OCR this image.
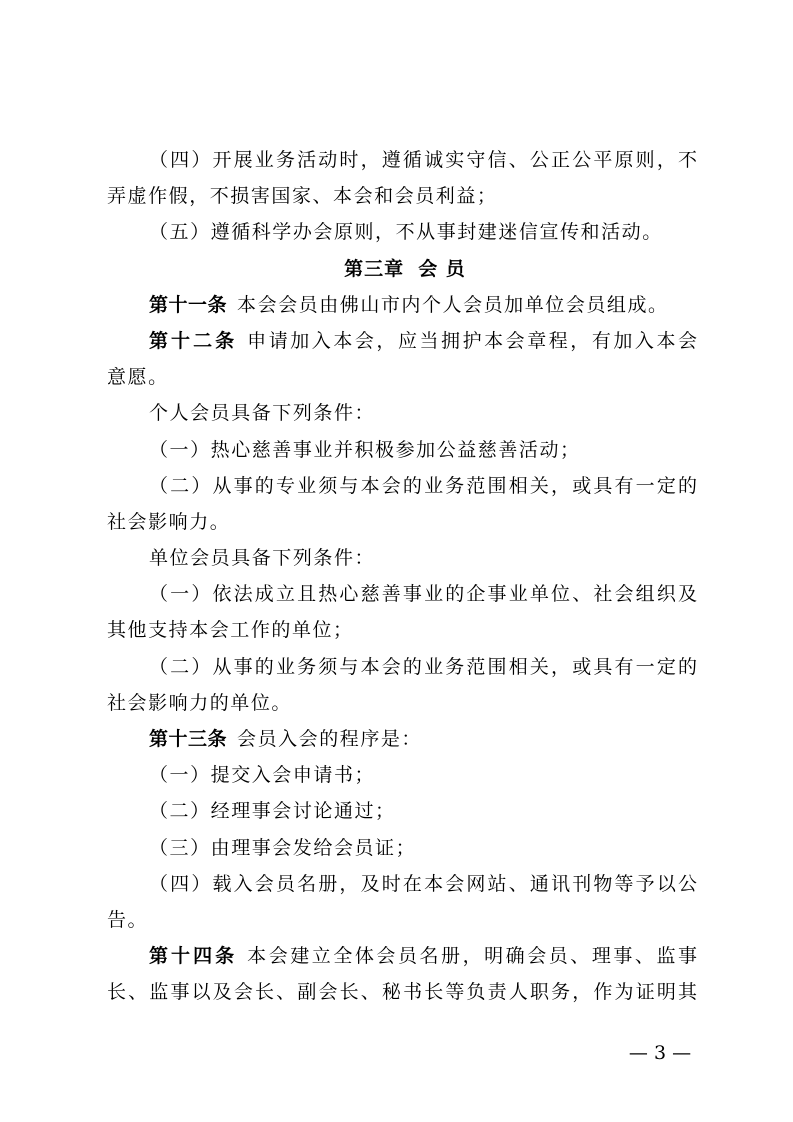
（四）开展业务活动时，遵循诚实守信、公正公平原则，不
弄虚作假，不损害国家、本会和会员利益；
（五）遵循科学办会原则，不从事封建迷信宣传和活动。
第三章 会 员
第十一条 本会会员由佛山市内个人会员加单位会员组成。
第十二条 申请加入本会，应当拥护本会章程，有加入本会
意愿。
个人会员具备下列条件：
（一）热心慈善事业并积极参加公益慈善活动；
（二）从事的专业须与本会的业务范围相关，或具有一定的
社会影响力。
单位会员具备下列条件：
（一）依法成立且热心慈善事业的企事业单位、社会组织及
其他支持本会工作的单位；
（二）从事的业务须与本会的业务范围相关，或具有一定的
社会影响力的单位。
第十三条 会员入会的程序是：
（一）提交入会申请书；
（二）经理事会讨论通过；
（三）由理事会发给会员证；
（四）载入会员名册，及时在本会网站、通讯刊物等予以公
告。
第十四条 本会建立全体会员名册，明确会员、理事、监事
长、监事以及会长、副会长、秘书长等负责人职务，作为证明其
— 3 —
